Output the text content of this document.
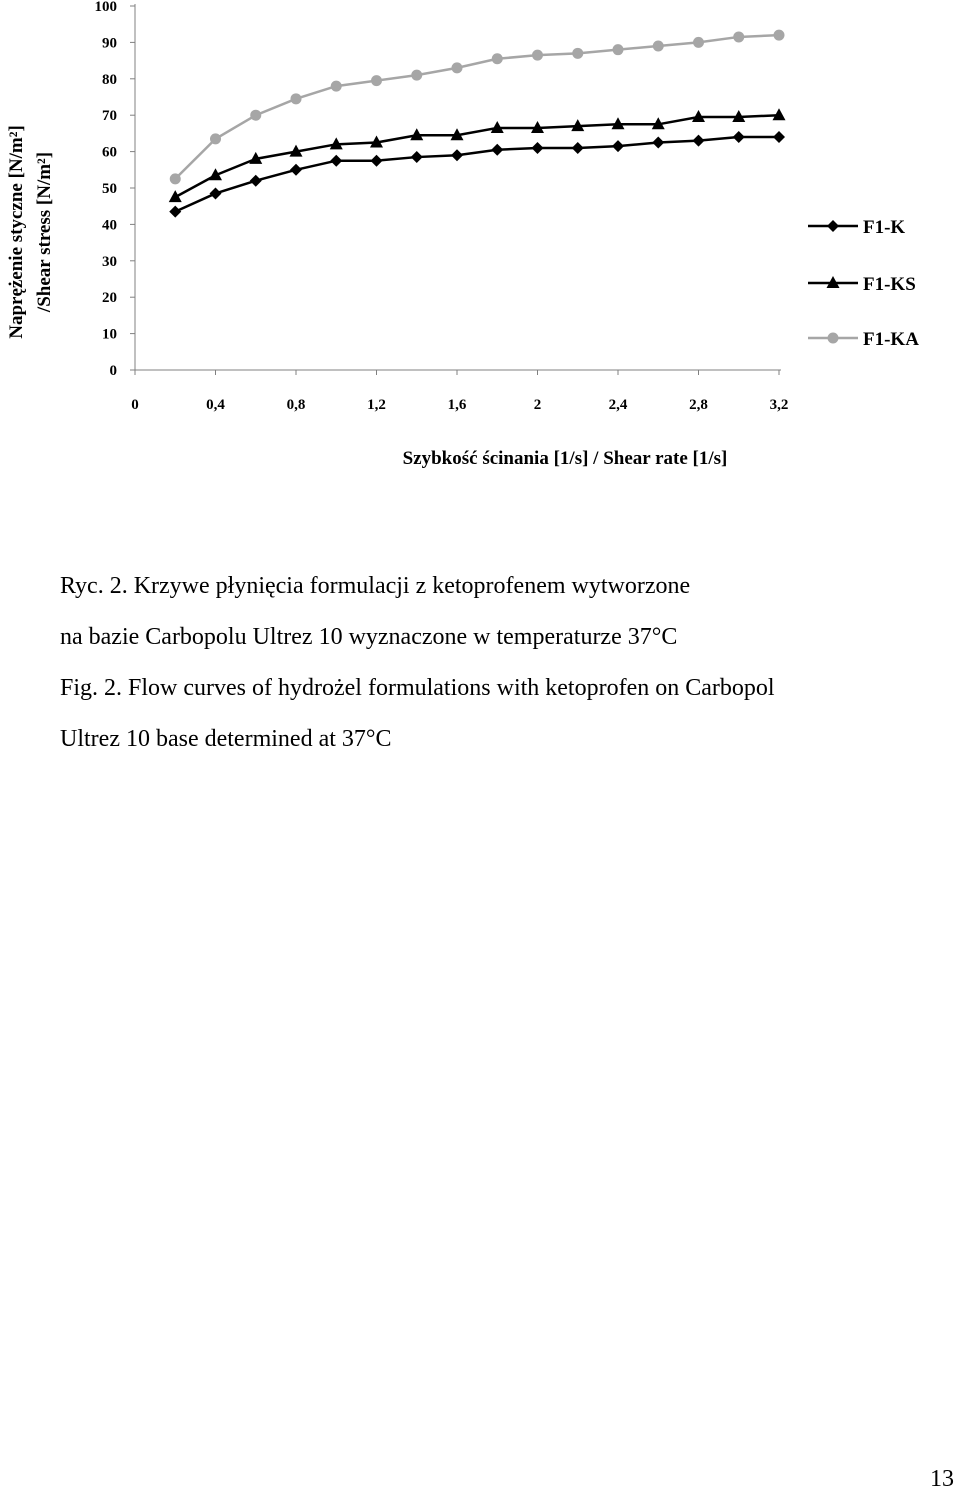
0
10
20
30
40
50
60
70
80
90
100
0	0,4	0,8	1,2	1,6	2	2,4	2,8	3,2
F1-K
F1-KS
F1-KA
Szybkość ścinania [1/s] / Shear rate [1/s]
Naprężenie styczne [N/m²] /Shear stress [N/m²]
Ryc. 2. Krzywe płynięcia formulacji z ketoprofenem wytworzone
na bazie Carbopolu Ultrez 10 wyznaczone w temperaturze 37°C
Fig. 2. Flow curves of hydrożel formulations with ketoprofen on Carbopol
Ultrez 10 base determined at 37°C
13
